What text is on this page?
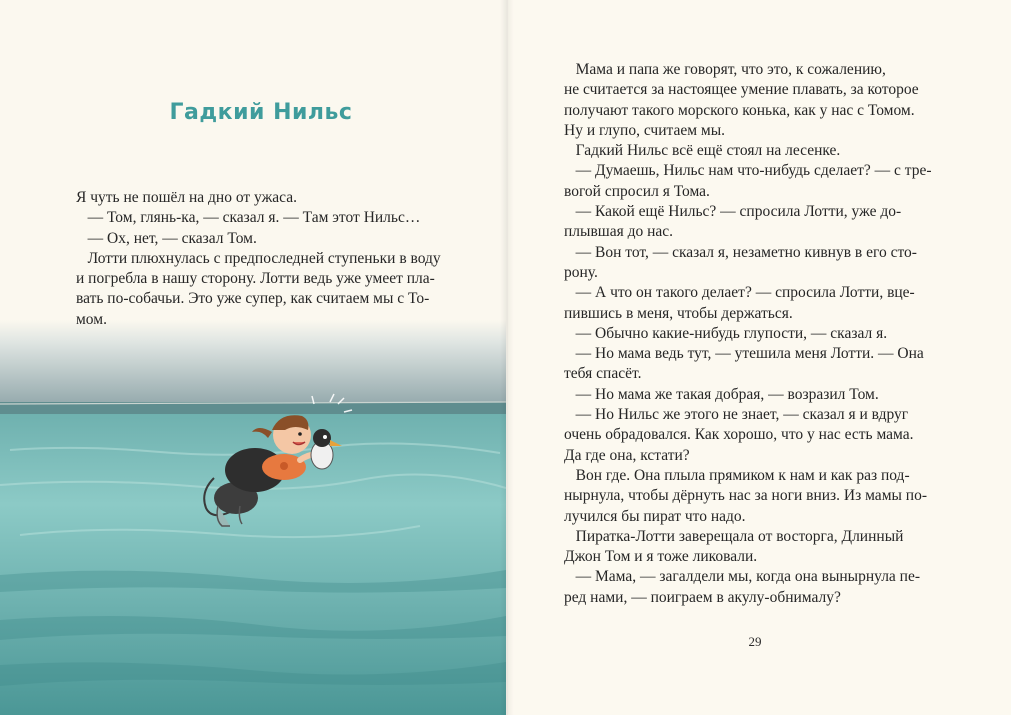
Гадкий Нильс
Я чуть не пошёл на дно от ужаса.
— Том, глянь-ка, — сказал я. — Там этот Нильс…
— Ох, нет, — сказал Том.
Лотти плюхнулась с предпоследней ступеньки в воду
и погребла в нашу сторону. Лотти ведь уже умеет пла-
вать по-собачьи. Это уже супер, как считаем мы с То-
мом.
Мама и папа же говорят, что это, к сожалению,
не считается за настоящее умение плавать, за которое
получают такого морского конька, как у нас с Томом.
Ну и глупо, считаем мы.
Гадкий Нильс всё ещё стоял на лесенке.
— Думаешь, Нильс нам что-нибудь сделает? — с тре-
вогой спросил я Тома.
— Какой ещё Нильс? — спросила Лотти, уже до-
плывшая до нас.
— Вон тот, — сказал я, незаметно кивнув в его сто-
рону.
— А что он такого делает? — спросила Лотти, вце-
пившись в меня, чтобы держаться.
— Обычно какие-нибудь глупости, — сказал я.
— Но мама ведь тут, — утешила меня Лотти. — Она
тебя спасёт.
— Но мама же такая добрая, — возразил Том.
— Но Нильс же этого не знает, — сказал я и вдруг
очень обрадовался. Как хорошо, что у нас есть мама.
Да где она, кстати?
Вон где. Она плыла прямиком к нам и как раз под-
нырнула, чтобы дёрнуть нас за ноги вниз. Из мамы по-
лучился бы пират что надо.
Пиратка-Лотти заверещала от восторга, Длинный
Джон Том и я тоже ликовали.
— Мама, — загалдели мы, когда она вынырнула пе-
ред нами, — поиграем в акулу-обнималу?
29
